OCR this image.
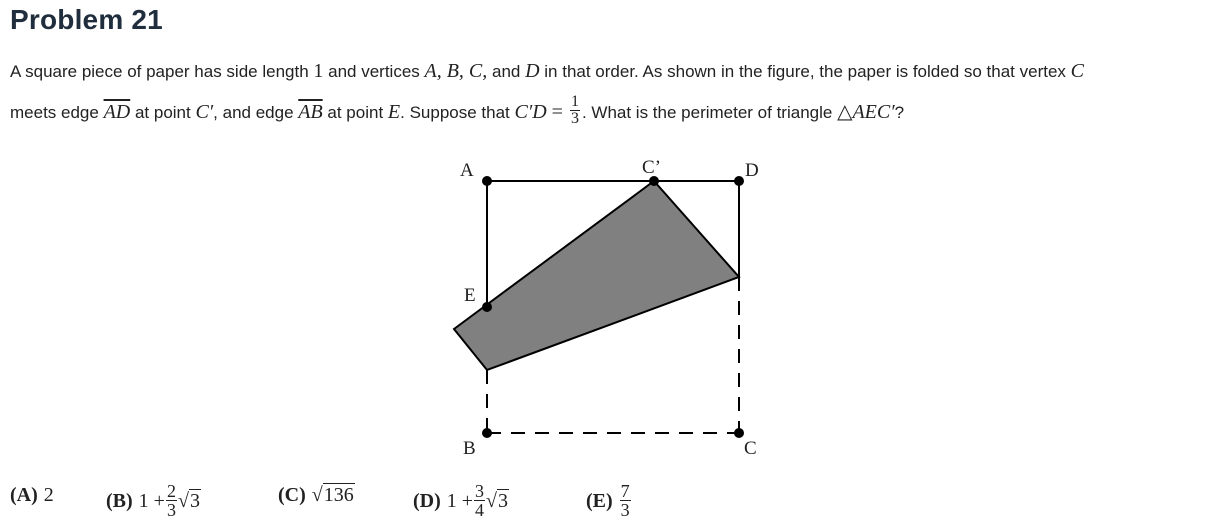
Problem 21
A square piece of paper has side length 1 and vertices A, B, C, and D in that order. As shown in the figure, the paper is folded so that vertex C
meets edge $\overline{AD}$ at point C′, and edge $\overline{AB}$ at point E. Suppose that $C'D = \frac{1}{3}$ . What is the perimeter of triangle △AEC′?
A	C’	D
E
B	C
(A) 2	(B) $1 + \frac{2}{3} √3$	(C) √136	(D) $1 + \frac{3}{4} √3$	$(E) \frac{7}{3}$
